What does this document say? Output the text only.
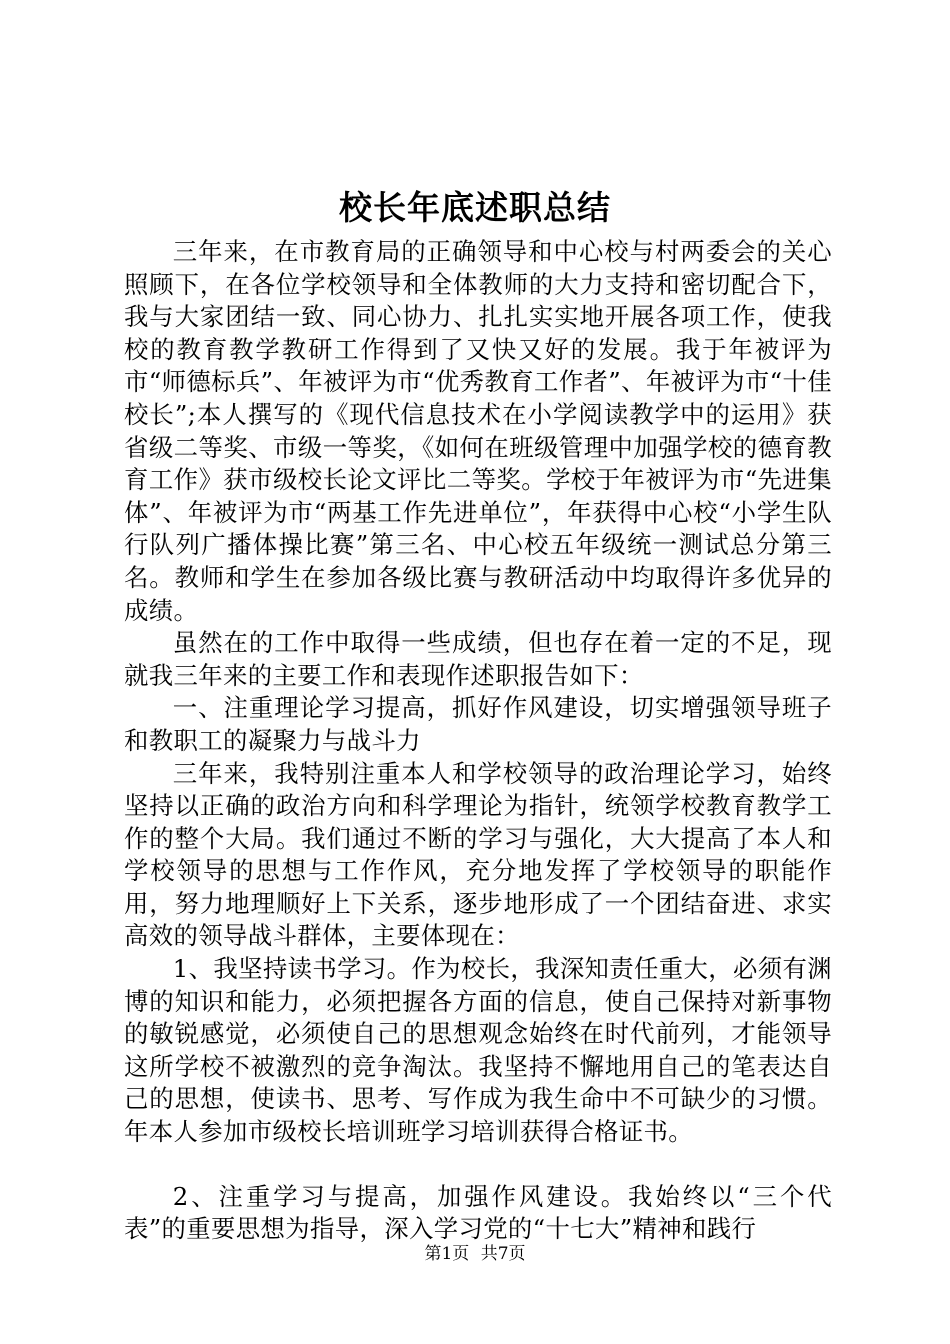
校长年底述职总结

三年来，在市教育局的正确领导和中心校与村两委会的关心照顾下，在各位学校领导和全体教师的大力支持和密切配合下，我与大家团结一致、同心协力、扎扎实实地开展各项工作，使我校的教育教学教研工作得到了又快又好的发展。我于年被评为市“师德标兵”、年被评为市“优秀教育工作者”、年被评为市“十佳校长”;本人撰写的《现代信息技术在小学阅读教学中的运用》获省级二等奖、市级一等奖，《如何在班级管理中加强学校的德育教育工作》获市级校长论文评比二等奖。学校于年被评为市“先进集体”、年被评为市“两基工作先进单位”，年获得中心校“小学生队行队列广播体操比赛”第三名、中心校五年级统一测试总分第三名。教师和学生在参加各级比赛与教研活动中均取得许多优异的成绩。

虽然在的工作中取得一些成绩，但也存在着一定的不足，现就我三年来的主要工作和表现作述职报告如下：

一、注重理论学习提高，抓好作风建设，切实增强领导班子和教职工的凝聚力与战斗力

三年来，我特别注重本人和学校领导的政治理论学习，始终坚持以正确的政治方向和科学理论为指针，统领学校教育教学工作的整个大局。我们通过不断的学习与强化，大大提高了本人和学校领导的思想与工作作风，充分地发挥了学校领导的职能作用，努力地理顺好上下关系，逐步地形成了一个团结奋进、求实高效的领导战斗群体，主要体现在：

1、我坚持读书学习。作为校长，我深知责任重大，必须有渊博的知识和能力，必须把握各方面的信息，使自己保持对新事物的敏锐感觉，必须使自己的思想观念始终在时代前列，才能领导这所学校不被激烈的竞争淘汰。我坚持不懈地用自己的笔表达自己的思想，使读书、思考、写作成为我生命中不可缺少的习惯。年本人参加市级校长培训班学习培训获得合格证书。

2、注重学习与提高，加强作风建设。我始终以“三个代表”的重要思想为指导，深入学习党的“十七大”精神和践行

第1页 共7页
